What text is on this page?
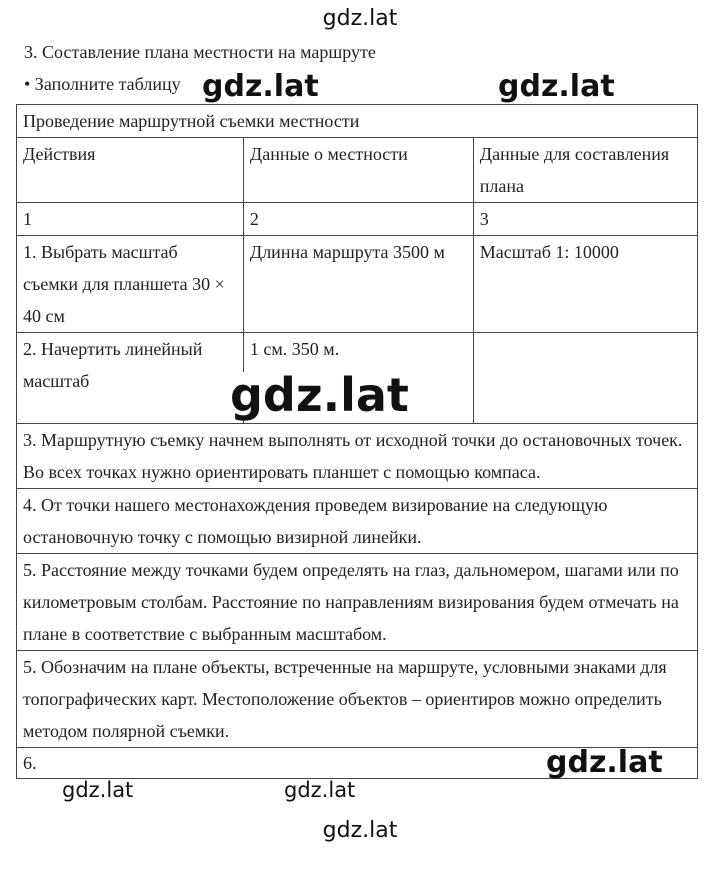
gdz.lat
3. Составление плана местности на маршруте
• Заполните таблицу
Проведение маршрутной съемки местности		
Действия	Данные о местности	Данные для составления плана
1	2	3
1. Выбрать масштаб съемки для планшета 30 × 40 см	Длинна маршрута 3500 м	Масштаб 1: 10000
2. Начертить линейный масштаб	1 см. 350 м.	
3. Маршрутную съемку начнем выполнять от исходной точки до остановочных точек. Во всех точках нужно ориентировать планшет с помощью компаса.		
4. От точки нашего местонахождения проведем визирование на следующую остановочную точку с помощью визирной линейки.		
5. Расстояние между точками будем определять на глаз, дальномером, шагами или по километровым столбам. Расстояние по направлениям визирования будем отмечать на плане в соответствие с выбранным масштабом.		
5. Обозначим на плане объекты, встреченные на маршруте, условными знаками для топографических карт. Местоположение объектов – ориентиров можно определить методом полярной съемки.		
6.		
gdz.lat	gdz.lat
gdz.lat
gdz.lat
gdz.lat	gdz.lat
gdz.lat
